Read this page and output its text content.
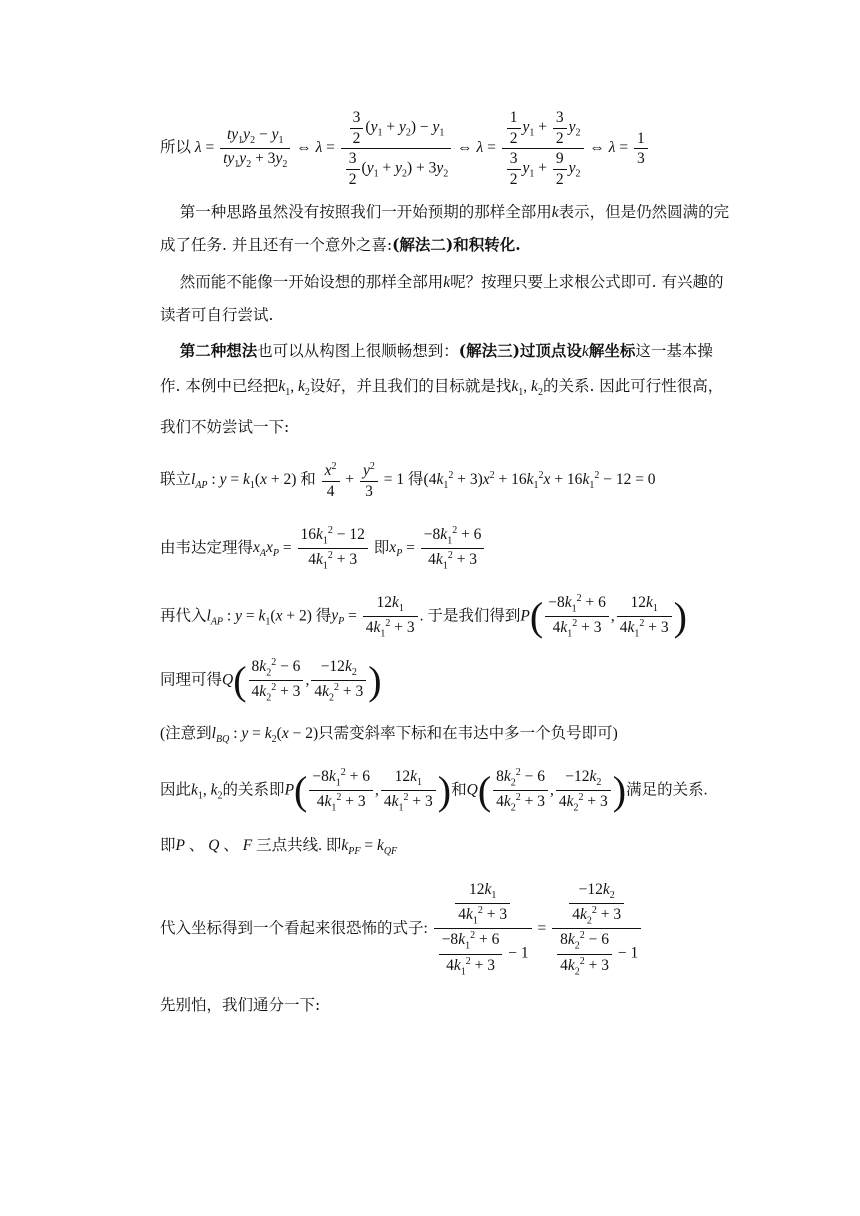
所以 $\lambda = \frac{ty_1y_2 - y_1}{ty_1y_2 + 3y_2}$ ⇔ $\lambda = \frac{\frac{3}{2} (y_1 + y_2) - y_1}{\frac{3}{2} (y_1 + y_2) + 3y_2}$ ⇔ $\lambda = \frac{\frac{1}{2} y_1 + \frac{3}{2} y_2}{\frac{3}{2} y_1 + \frac{9}{2} y_2}$ ⇔ $\lambda = \frac{1}{3}$
第一种思路虽然没有按照我们一开始预期的那样全部用k表示，但是仍然圆满的完成了任务. 并且还有一个意外之喜:(解法二)和积转化.
然而能不能像一开始设想的那样全部用k呢？按理只要上求根公式即可. 有兴趣的读者可自行尝试.
第二种想法也可以从构图上很顺畅想到：(解法三)过顶点设k解坐标这一基本操作. 本例中已经把$k_1$, $k_2$设好，并且我们的目标就是找$k_1$, $k_2$的关系. 因此可行性很高，我们不妨尝试一下:
联立$l_{AP}$ : $y = k_1(x + 2)$ 和 $\frac{x^2}{4} + \frac{y^2}{3} = 1$ 得$(4k_1^2 + 3)x^2 + 16k_1^2x + 16k_1^2 - 12 = 0$
由韦达定理得$x_Ax_P = \frac{16k_1^2 - 12}{4k_1^2 + 3}$ 即$x_P = \frac{-8k_1^2 + 6}{4k_1^2 + 3}$
再代入$l_{AP}$ : $y = k_1(x + 2)$ 得$y_P = \frac{12k_1}{4k_1^2 + 3}$ . 于是我们得到$P( \frac{-8k_1^2 + 6}{4k_1^2 + 3}$ , $\frac{12k_1}{4k_1^2 + 3}$ )
同理可得$Q( \frac{8k_2^2 - 6}{4k_2^2 + 3}$ , $\frac{-12k_2}{4k_2^2 + 3}$ )
(注意到$l_{BQ}$ : $y = k_2(x - 2)$只需变斜率下标和在韦达中多一个负号即可)
因此$k_1$, $k_2$的关系即$P( \frac{-8k_1^2 + 6}{4k_1^2 + 3}$ , $\frac{12k_1}{4k_1^2 + 3}$ )和$Q( \frac{8k_2^2 - 6}{4k_2^2 + 3}$ , $\frac{-12k_2}{4k_2^2 + 3}$ )满足的关系.
即P 、 Q 、 F 三点共线. 即$k_{PF} = k_{QF}$
代入坐标得到一个看起来很恐怖的式子: $\frac{\frac{12k_1}{4k_1^2 + 3}}{\frac{-8k_1^2 + 6}{4k_1^2 + 3} - 1} = \frac{\frac{-12k_2}{4k_2^2 + 3}}{\frac{8k_2^2 - 6}{4k_2^2 + 3} - 1}$
先别怕，我们通分一下:
